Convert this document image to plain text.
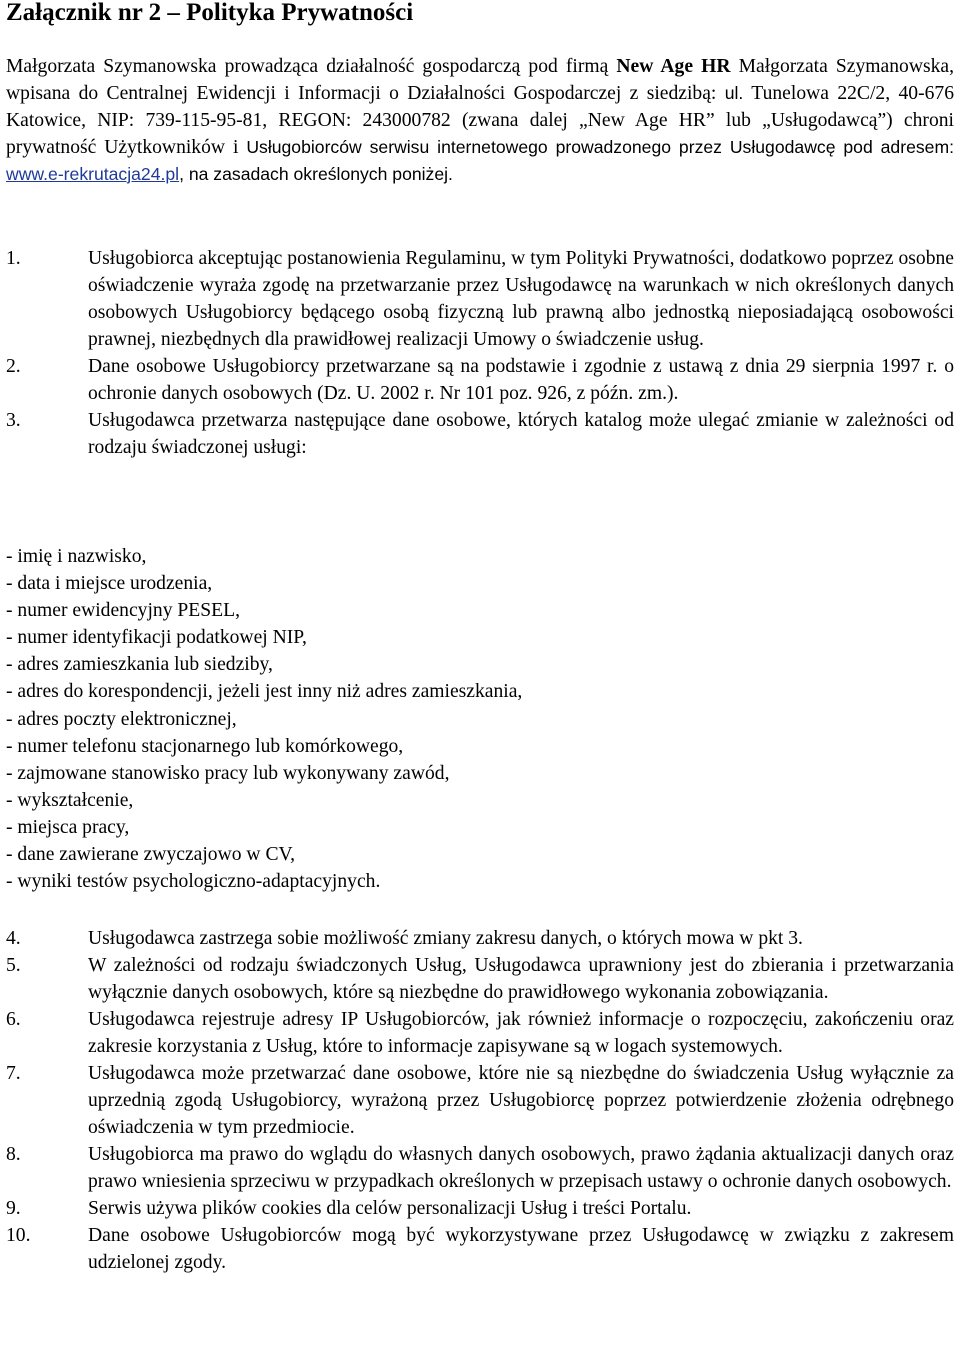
Załącznik nr 2 – Polityka Prywatności

Małgorzata Szymanowska prowadząca działalność gospodarczą pod firmą New Age HR Małgorzata Szymanowska, wpisana do Centralnej Ewidencji i Informacji o Działalności Gospodarczej z siedzibą: ul. Tunelowa 22C/2, 40-676 Katowice, NIP: 739-115-95-81, REGON: 243000782 (zwana dalej „New Age HR” lub „Usługodawcą”) chroni prywatność Użytkowników i Usługobiorców serwisu internetowego prowadzonego przez Usługodawcę pod adresem: www.e-rekrutacja24.pl, na zasadach określonych poniżej.

1.	Usługobiorca akceptując postanowienia Regulaminu, w tym Polityki Prywatności, dodatkowo poprzez osobne oświadczenie wyraża zgodę na przetwarzanie przez Usługodawcę na warunkach w nich określonych danych osobowych Usługobiorcy będącego osobą fizyczną lub prawną albo jednostką nieposiadającą osobowości prawnej, niezbędnych dla prawidłowej realizacji Umowy o świadczenie usług.
2.	Dane osobowe Usługobiorcy przetwarzane są na podstawie i zgodnie z ustawą z dnia 29 sierpnia 1997 r. o ochronie danych osobowych (Dz. U. 2002 r. Nr 101 poz. 926, z późn. zm.).
3.	Usługodawca przetwarza następujące dane osobowe, których katalog może ulegać zmianie w zależności od rodzaju świadczonej usługi:
- imię i nazwisko,
- data i miejsce urodzenia,
- numer ewidencyjny PESEL,
- numer identyfikacji podatkowej NIP,
- adres zamieszkania lub siedziby,
- adres do korespondencji, jeżeli jest inny niż adres zamieszkania,
- adres poczty elektronicznej,
- numer telefonu stacjonarnego lub komórkowego,
- zajmowane stanowisko pracy lub wykonywany zawód,
- wykształcenie,
- miejsca pracy,
- dane zawierane zwyczajowo w CV,
- wyniki testów psychologiczno-adaptacyjnych.
4.	Usługodawca zastrzega sobie możliwość zmiany zakresu danych, o których mowa w pkt 3.
5.	W zależności od rodzaju świadczonych Usług, Usługodawca uprawniony jest do zbierania i przetwarzania wyłącznie danych osobowych, które są niezbędne do prawidłowego wykonania zobowiązania.
6.	Usługodawca rejestruje adresy IP Usługobiorców, jak również informacje o rozpoczęciu, zakończeniu oraz zakresie korzystania z Usług, które to informacje zapisywane są w logach systemowych.
7.	Usługodawca może przetwarzać dane osobowe, które nie są niezbędne do świadczenia Usług wyłącznie za uprzednią zgodą Usługobiorcy, wyrażoną przez Usługobiorcę poprzez potwierdzenie złożenia odrębnego oświadczenia w tym przedmiocie.
8.	Usługobiorca ma prawo do wglądu do własnych danych osobowych, prawo żądania aktualizacji danych oraz prawo wniesienia sprzeciwu w przypadkach określonych w przepisach ustawy o ochronie danych osobowych.
9.	Serwis używa plików cookies dla celów personalizacji Usług i treści Portalu.
10.	Dane osobowe Usługobiorców mogą być wykorzystywane przez Usługodawcę w związku z zakresem udzielonej zgody.
